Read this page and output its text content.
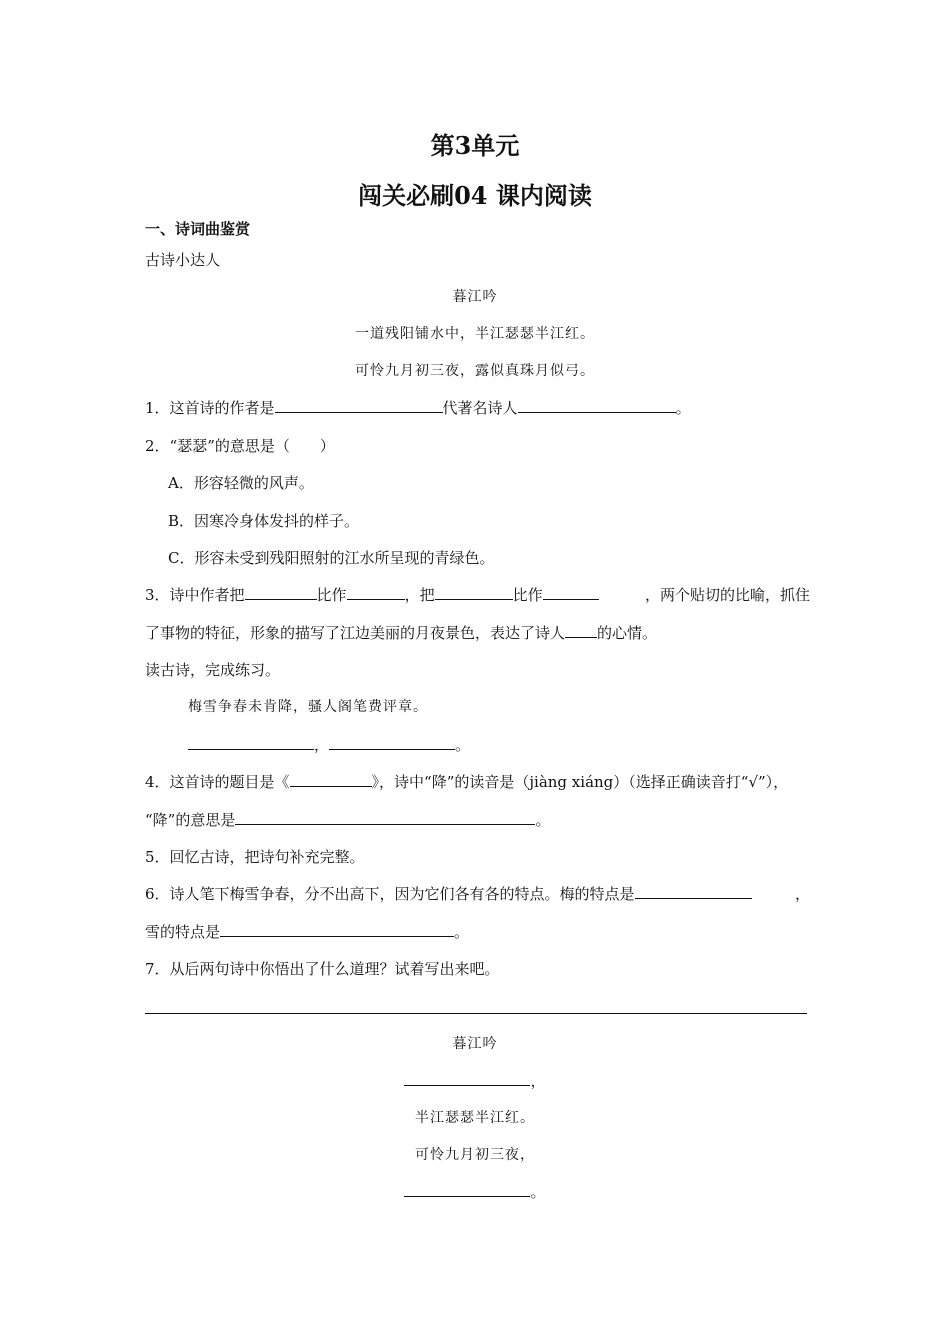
第3单元
闯关必刷04 课内阅读
一、诗词曲鉴赏
古诗小达人
暮江吟
一道残阳铺水中，半江瑟瑟半江红。
可怜九月初三夜，露似真珠月似弓。
1．这首诗的作者是	代著名诗人	。
2．“瑟瑟”的意思是（　　）
A．形容轻微的风声。
B．因寒冷身体发抖的样子。
C．形容未受到残阳照射的江水所呈现的青绿色。
3．诗中作者把	比作	，把	比作	，两个贴切的比喻，抓住
了事物的特征，形象的描写了江边美丽的月夜景色，表达了诗人 的心情。
读古诗，完成练习。
梅雪争春未肯降，骚人阁笔费评章。
，	。
4．这首诗的题目是《	》，诗中“降”的读音是（jiàng xiáng）（选择正确读音打“√”），
“降”的意思是	。
5．回忆古诗，把诗句补充完整。
6．诗人笔下梅雪争春，分不出高下，因为它们各有各的特点。梅的特点是	，
雪的特点是	。
7．从后两句诗中你悟出了什么道理？试着写出来吧。
暮江吟
，
半江瑟瑟半江红。
可怜九月初三夜，
。
